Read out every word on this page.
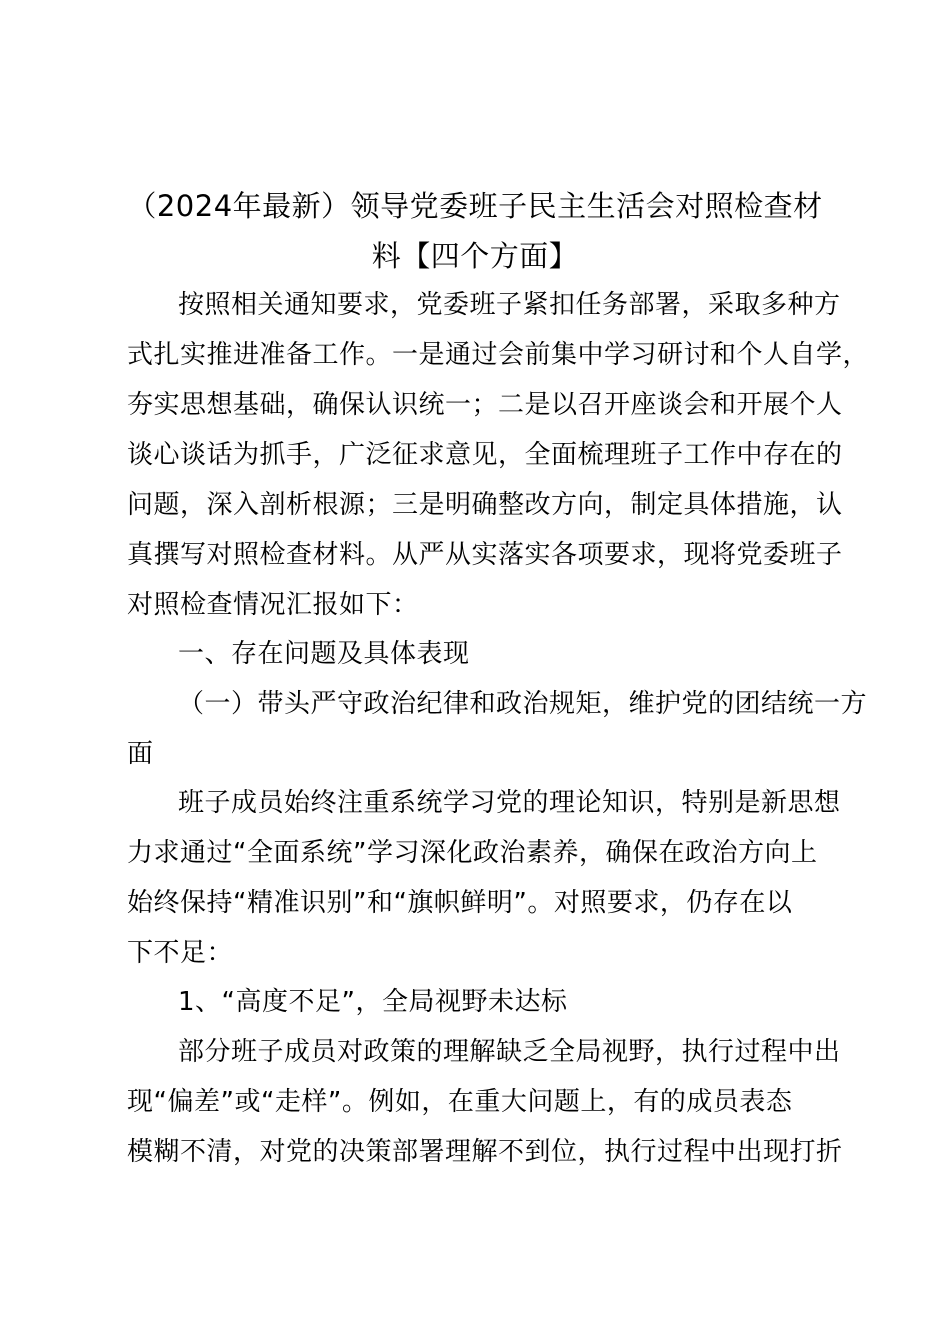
（2024年最新）领导党委班子民主生活会对照检查材
料【四个方面】
按照相关通知要求，党委班子紧扣任务部署，采取多种方
式扎实推进准备工作。一是通过会前集中学习研讨和个人自学，
夯实思想基础，确保认识统一；二是以召开座谈会和开展个人
谈心谈话为抓手，广泛征求意见，全面梳理班子工作中存在的
问题，深入剖析根源；三是明确整改方向，制定具体措施，认
真撰写对照检查材料。从严从实落实各项要求，现将党委班子
对照检查情况汇报如下：
一、存在问题及具体表现
（一）带头严守政治纪律和政治规矩，维护党的团结统一方
面
班子成员始终注重系统学习党的理论知识，特别是新思想
力求通过“全面系统”学习深化政治素养，确保在政治方向上
始终保持“精准识别”和“旗帜鲜明”。对照要求，仍存在以
下不足：
1、“高度不足”，全局视野未达标
部分班子成员对政策的理解缺乏全局视野，执行过程中出
现“偏差”或“走样”。例如，在重大问题上，有的成员表态
模糊不清，对党的决策部署理解不到位，执行过程中出现打折
